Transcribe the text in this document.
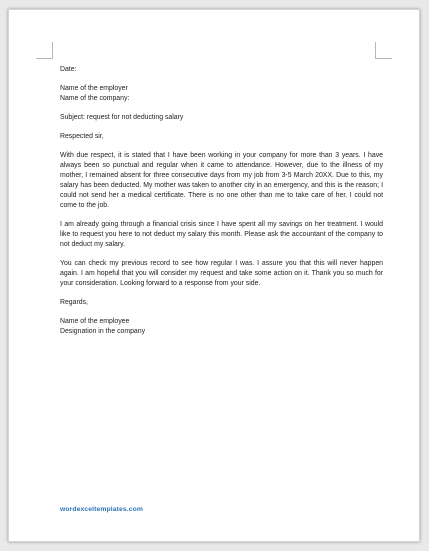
Date:

Name of the employer

Name of the company:

Subject: request for not deducting salary

Respected sir,

With due respect, it is stated that I have been working in your company for more than 3 years. I have always been so punctual and regular when it came to attendance. However, due to the illness of my mother, I remained absent for three consecutive days from my job from 3-5 March 20XX. Due to this, my salary has been deducted. My mother was taken to another city in an emergency, and this is the reason; I could not send her a medical certificate. There is no one other than me to take care of her. I could not come to the job.

I am already going through a financial crisis since I have spent all my savings on her treatment. I would like to request you here to not deduct my salary this month. Please ask the accountant of the company to not deduct my salary.

You can check my previous record to see how regular I was. I assure you that this will never happen again. I am hopeful that you will consider my request and take some action on it. Thank you so much for your consideration. Looking forward to a response from your side.

Regards,

Name of the employee

Designation in the company

wordexceltemplates.com
